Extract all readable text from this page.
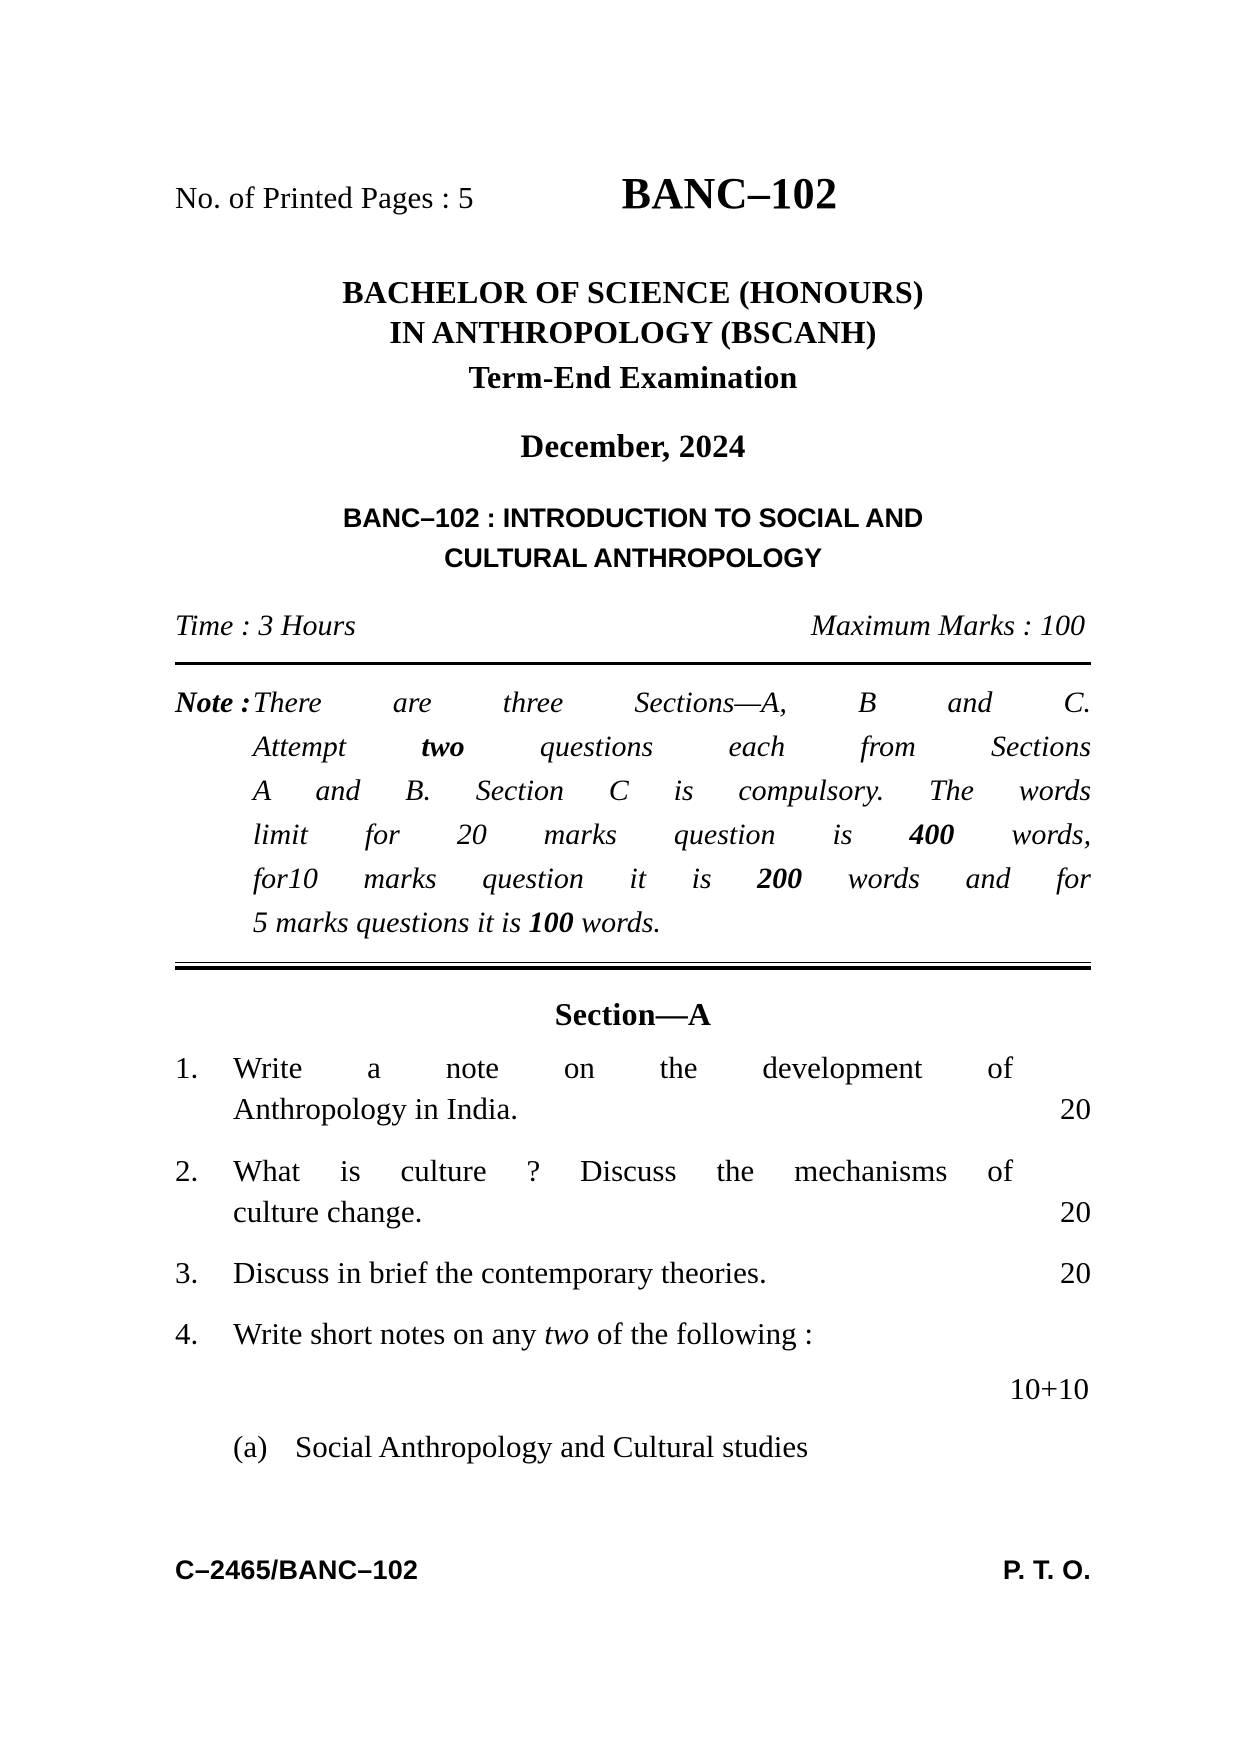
No. of Printed Pages : 5	BANC–102
BACHELOR OF SCIENCE (HONOURS)
IN ANTHROPOLOGY (BSCANH)
Term-End Examination
December, 2024
BANC–102 : INTRODUCTION TO SOCIAL AND
CULTURAL ANTHROPOLOGY
Time : 3 Hours	Maximum Marks : 100
Note : There are three Sections—A, B and C.
Attempt	two	questions	each	from	Sections
A and B. Section C is compulsory. The words
limit for 20 marks question is 400 words,
for10 marks question it is 200 words and for
5 marks questions it is 100 words.
Section—A
1.	Write a note on the development of
Anthropology in India.	20
2.	What is culture ? Discuss the mechanisms of
culture change.	20
3.	Discuss in brief the contemporary theories.	20
4.	Write short notes on any two of the following :
10+10
(a) Social Anthropology and Cultural studies
C–2465/BANC–102	P. T. O.
